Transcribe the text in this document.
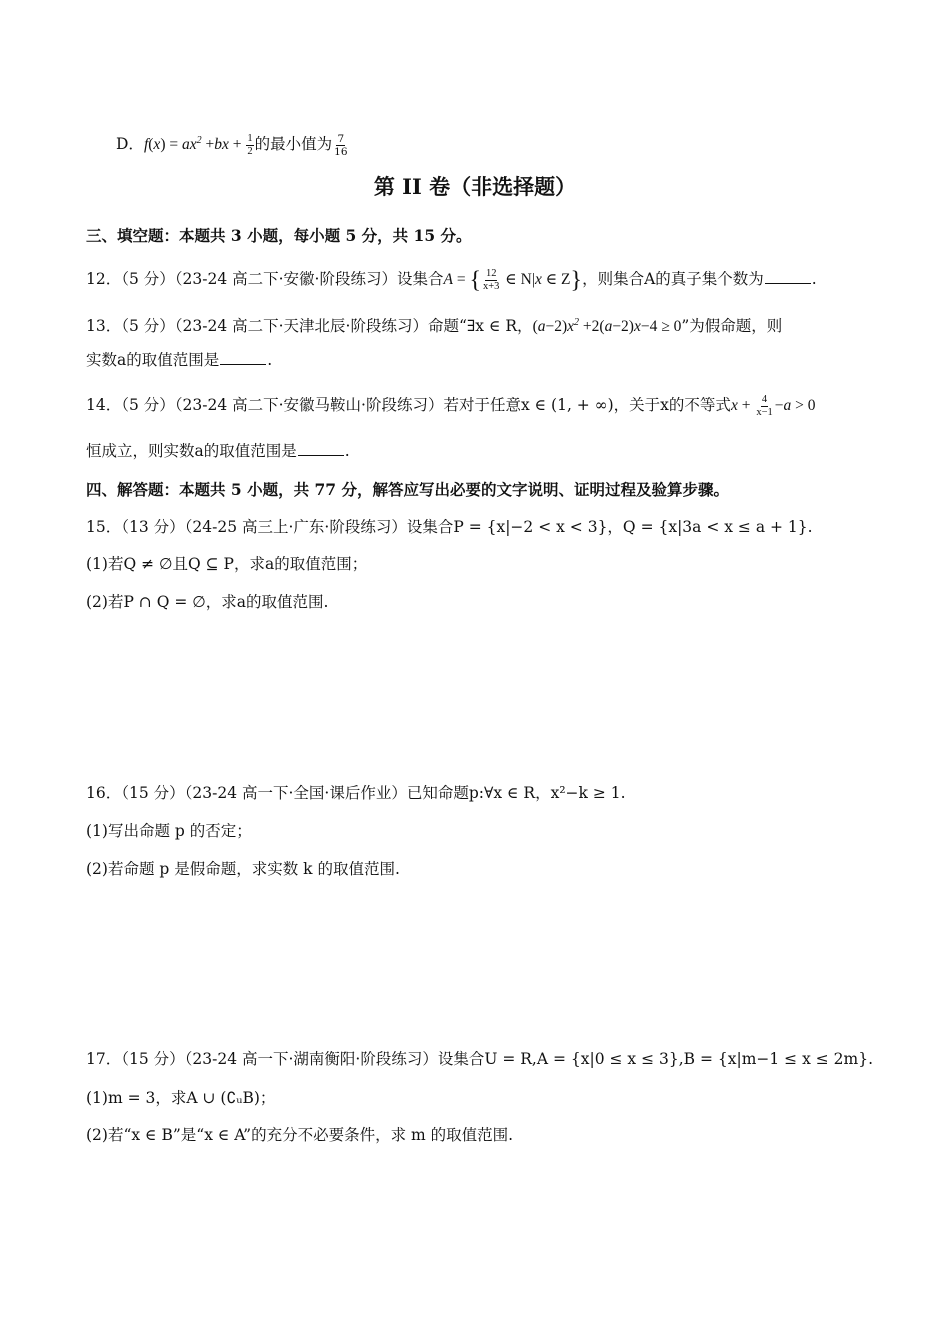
D．$f(x) = ax^2 +bx + \frac{1}{2}$ 的最小值为 $\frac{7}{16}$
第 II 卷（非选择题）
三、填空题：本题共 3 小题，每小题 5 分，共 15 分。
12．（5 分）（23-24 高二下·安徽·阶段练习）设集合A = { $\frac{12}{x+3}$ ∈ N|x ∈ Z}，则集合A的真子集个数为	.
13．（5 分）（23-24 高二下·天津北辰·阶段练习）命题“∃x ∈ R，$(a-2)x^2 +2(a-2)x-4 \ge 0$”为假命题，则
实数a的取值范围是	.
14．（5 分）（23-24 高二下·安徽马鞍山·阶段练习）若对于任意x ∈ (1, + ∞)，关于x的不等式$x + \frac{4}{x-1} -a > 0$
恒成立，则实数a的取值范围是	.
四、解答题：本题共 5 小题，共 77 分，解答应写出必要的文字说明、证明过程及验算步骤。
15．（13 分）（24-25 高三上·广东·阶段练习）设集合P = {x|−2 < x < 3}，Q = {x|3a < x ≤ a + 1}.
(1)若Q ≠ ∅且Q ⊆ P，求a的取值范围；
(2)若P ∩ Q = ∅，求a的取值范围.
16．（15 分）（23-24 高一下·全国·课后作业）已知命题p:∀x ∈ R，x²−k ≥ 1.
(1)写出命题 p 的否定；
(2)若命题 p 是假命题，求实数 k 的取值范围.
17．（15 分）（23-24 高一下·湖南衡阳·阶段练习）设集合U = R,A = {x|0 ≤ x ≤ 3},B = {x|m−1 ≤ x ≤ 2m}.
(1)m = 3，求A ∪ (∁ᵤB)；
(2)若“x ∈ B”是“x ∈ A”的充分不必要条件，求 m 的取值范围.
